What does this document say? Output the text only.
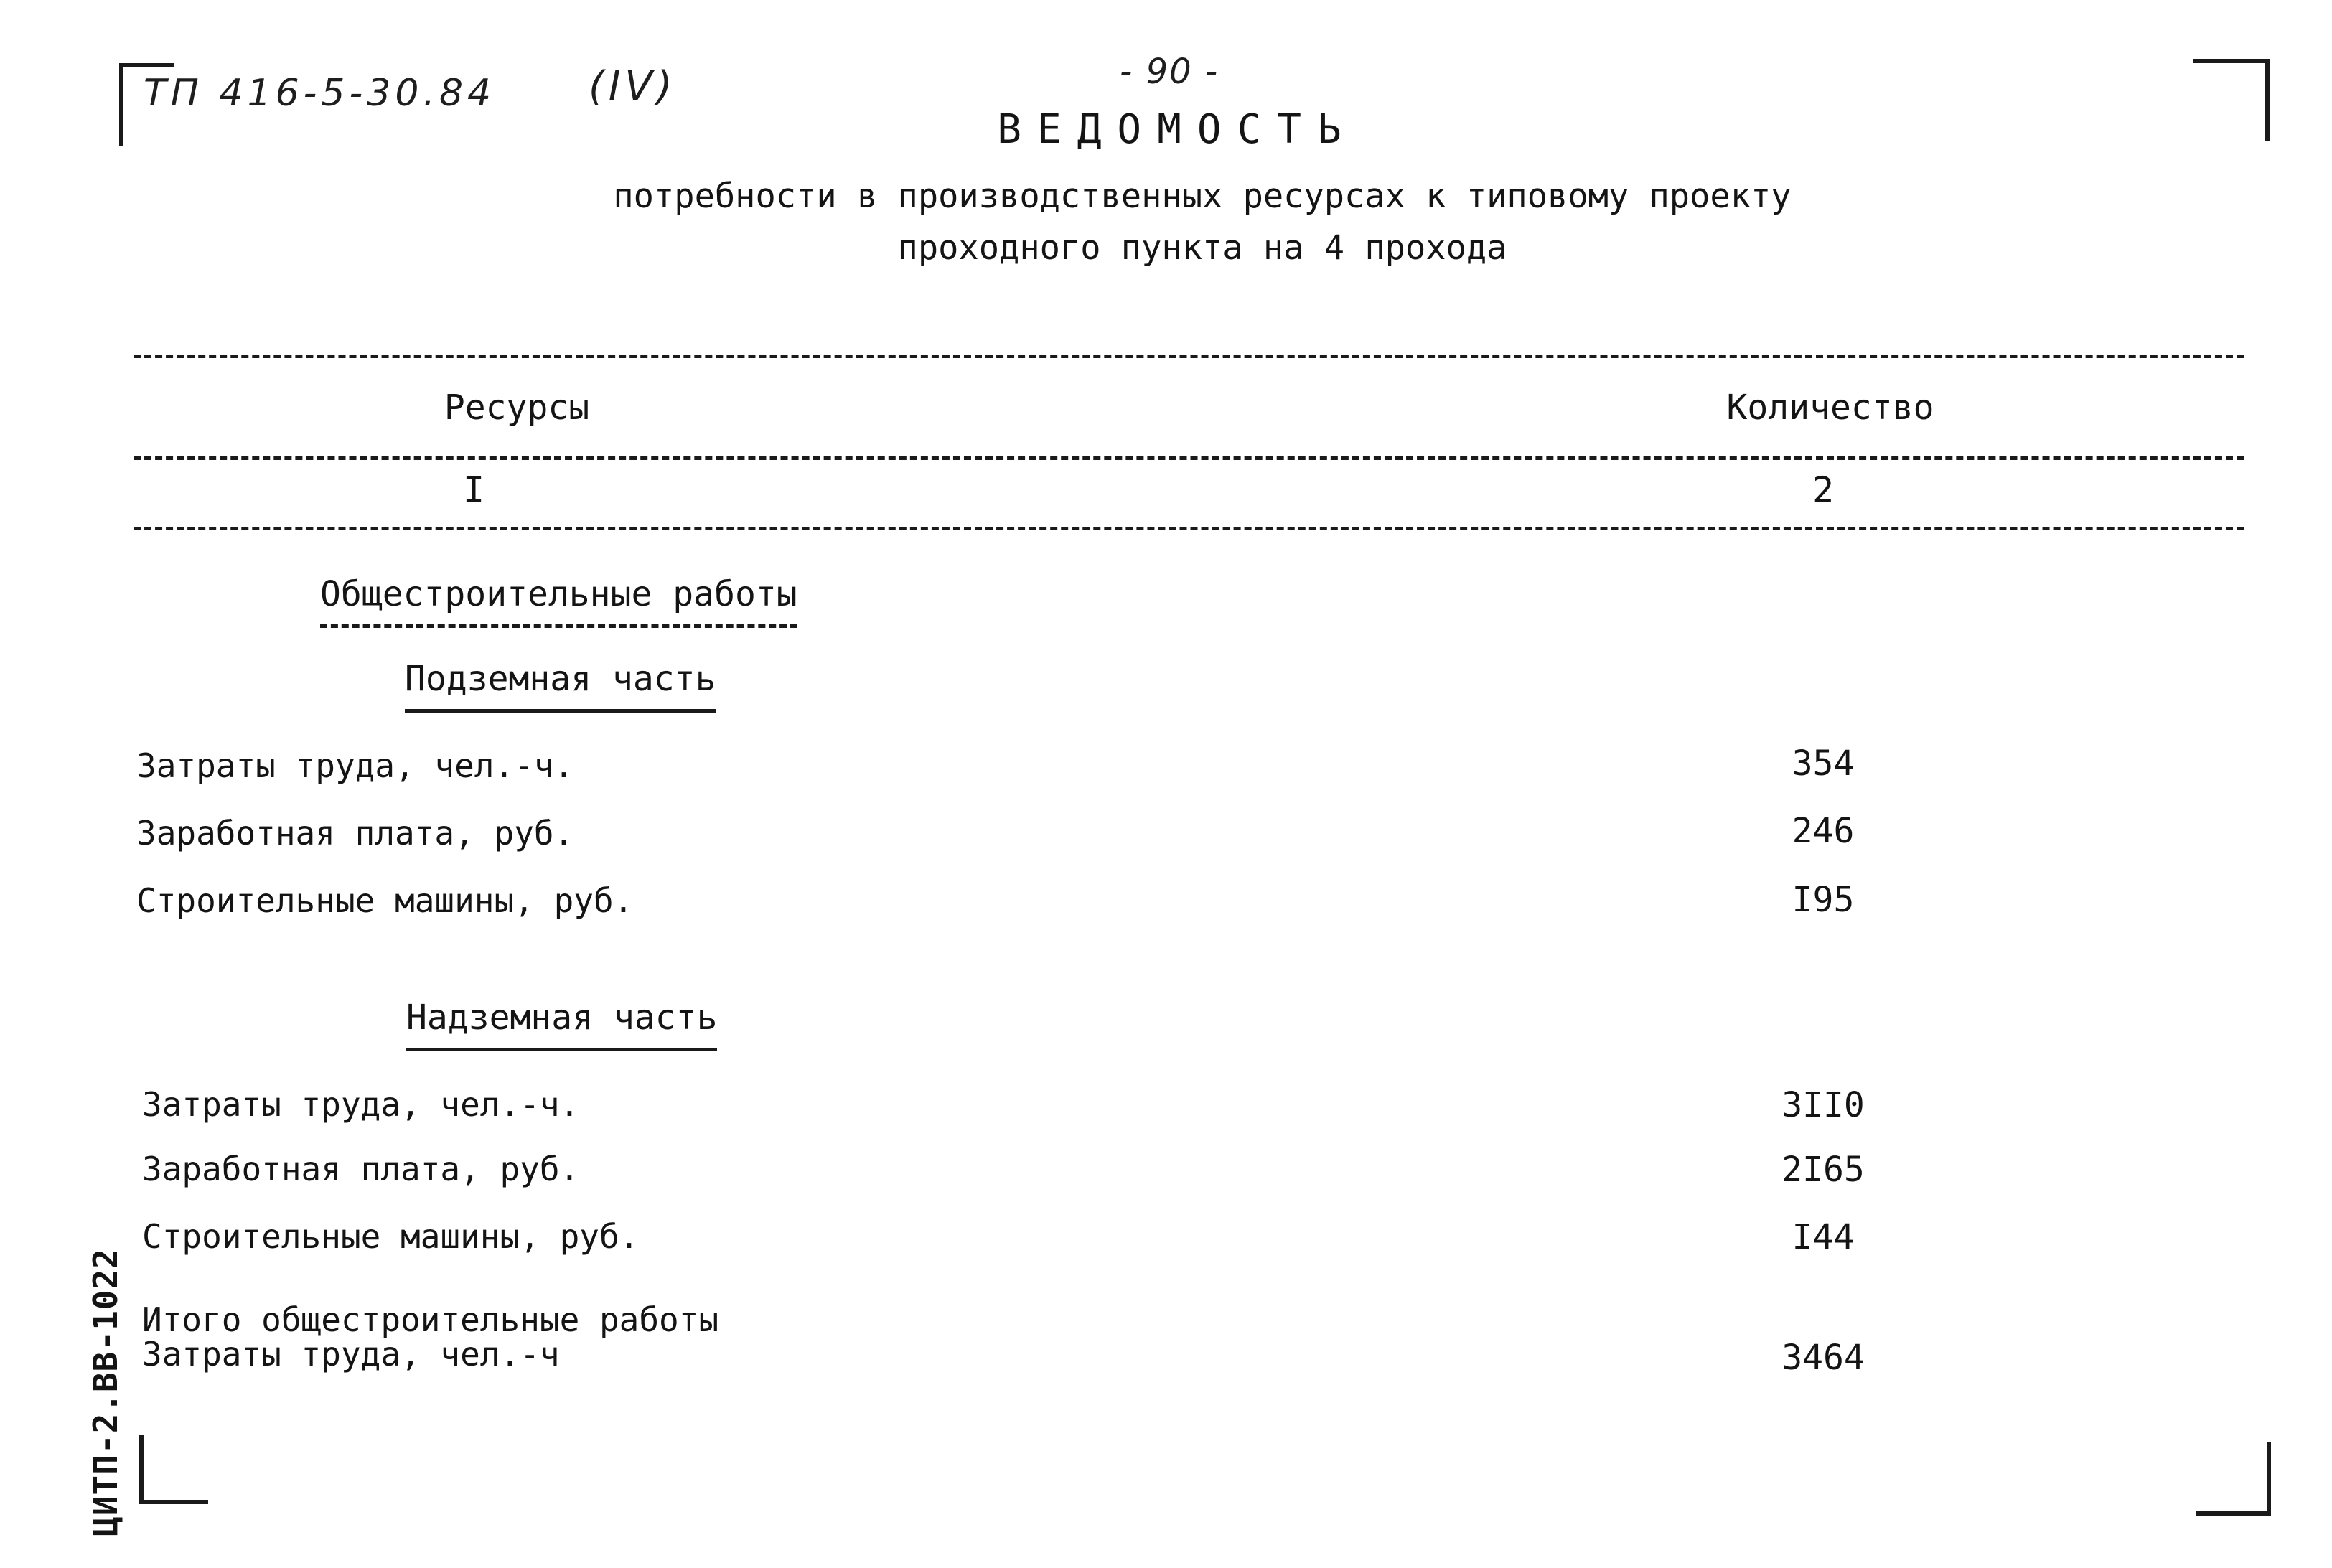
ТП 416-5-30.84 (IV)	- 90 -
ВЕДОМОСТЬ
потребности в производственных ресурсах к типовому проекту
проходного пункта на 4 прохода
Ресурсы	Количество
I	2
Общестроительные работы
Подземная часть
Затраты труда, чел.-ч.	354
Заработная плата, руб.	246
Строительные машины, руб.	I95
Надземная часть
Затраты труда, чел.-ч.	3II0
Заработная плата, руб.	2I65
Строительные машины, руб.	I44
Итого общестроительные работы
Затраты труда, чел.-ч	3464
ЦИТП-2.ВВ-1022
